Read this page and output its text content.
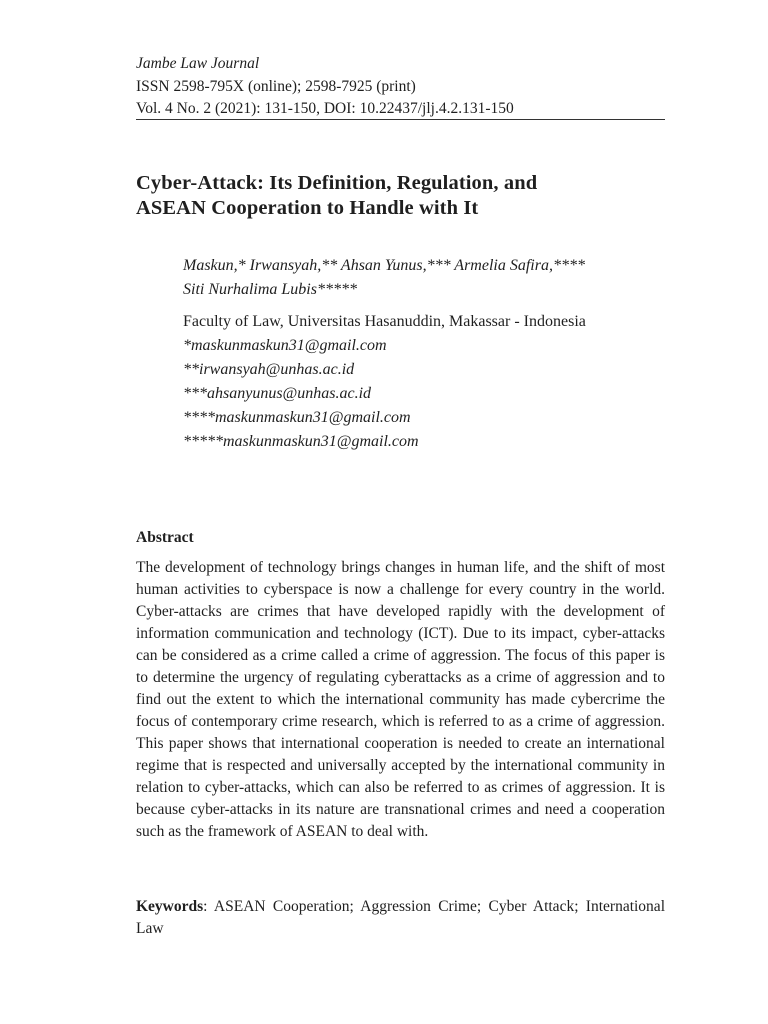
Jambe Law Journal
ISSN 2598-795X (online); 2598-7925 (print)
Vol. 4 No. 2 (2021): 131-150, DOI: 10.22437/jlj.4.2.131-150
Cyber-Attack: Its Definition, Regulation, and
ASEAN Cooperation to Handle with It
Maskun,* Irwansyah,** Ahsan Yunus,*** Armelia Safira,****
Siti Nurhalima Lubis*****
Faculty of Law, Universitas Hasanuddin, Makassar - Indonesia
*maskunmaskun31@gmail.com
**irwansyah@unhas.ac.id
***ahsanyunus@unhas.ac.id
****maskunmaskun31@gmail.com
*****maskunmaskun31@gmail.com
Abstract
The development of technology brings changes in human life, and the shift of most human activities to cyberspace is now a challenge for every country in the world. Cyber-attacks are crimes that have developed rapidly with the development of information communication and technology (ICT). Due to its impact, cyber-attacks can be considered as a crime called a crime of aggression. The focus of this paper is to determine the urgency of regulating cyberattacks as a crime of aggression and to find out the extent to which the international community has made cybercrime the focus of contemporary crime research, which is referred to as a crime of aggression. This paper shows that international cooperation is needed to create an international regime that is respected and universally accepted by the international community in relation to cyber-attacks, which can also be referred to as crimes of aggression. It is because cyber-attacks in its nature are transnational crimes and need a cooperation such as the framework of ASEAN to deal with.
Keywords: ASEAN Cooperation; Aggression Crime; Cyber Attack; International Law
